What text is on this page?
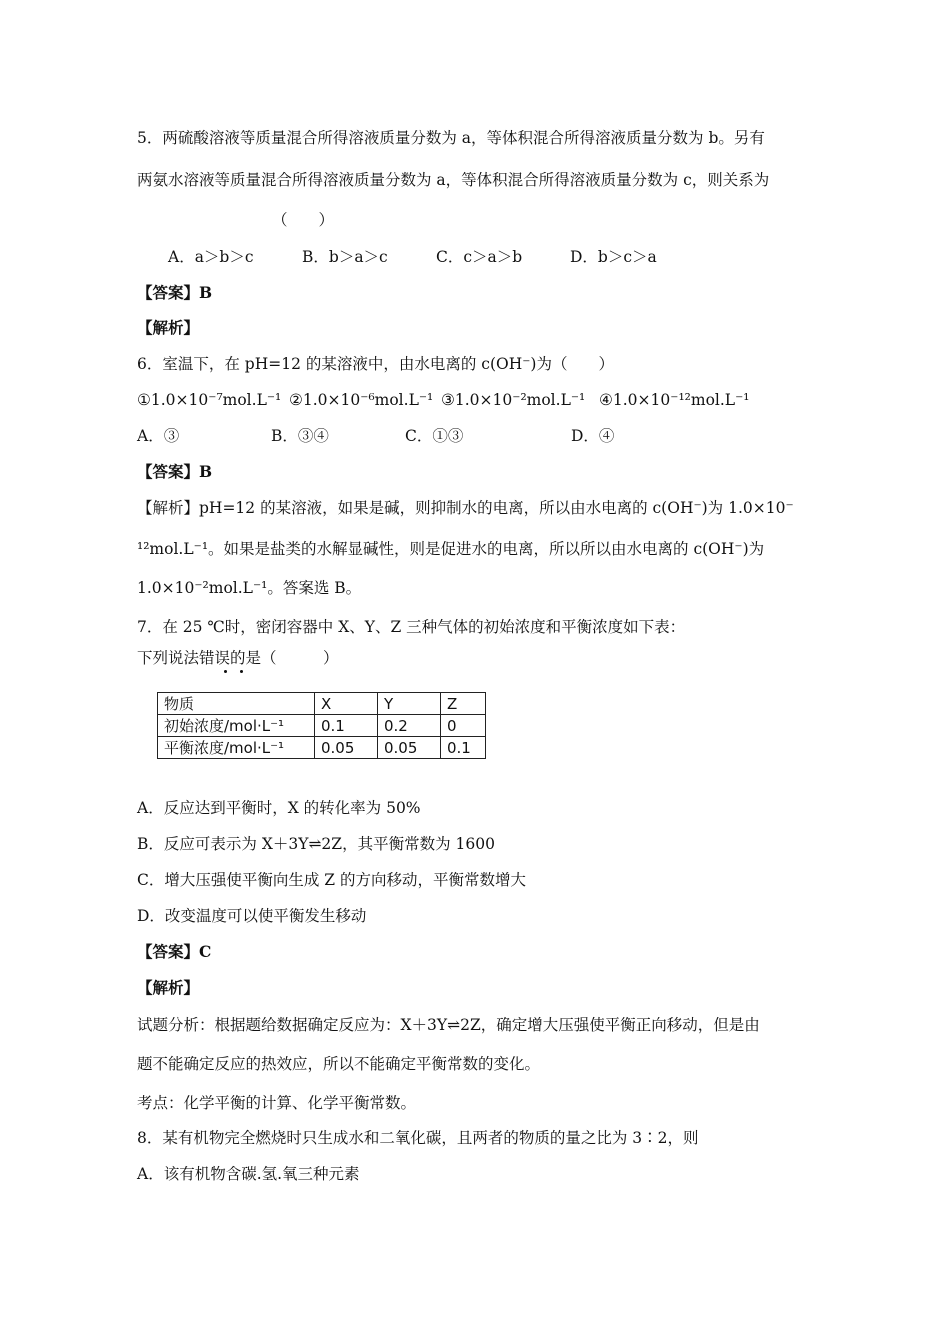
5．两硫酸溶液等质量混合所得溶液质量分数为 a，等体积混合所得溶液质量分数为 b。另有
两氨水溶液等质量混合所得溶液质量分数为 a，等体积混合所得溶液质量分数为 c，则关系为
（　　）
A．a＞b＞c	B．b＞a＞c	C．c＞a＞b	D．b＞c＞a
【答案】B
【解析】
6．室温下，在 pH=12 的某溶液中，由水电离的 c(OH⁻)为（　　）
①1.0×10⁻⁷mol.L⁻¹ ②1.0×10⁻⁶mol.L⁻¹ ③1.0×10⁻²mol.L⁻¹ ④1.0×10⁻¹²mol.L⁻¹
A．③	B．③④	C．①③	D．④
【答案】B
【解析】pH=12 的某溶液，如果是碱，则抑制水的电离，所以由水电离的 c(OH⁻)为 1.0×10⁻
¹²mol.L⁻¹。如果是盐类的水解显碱性，则是促进水的电离，所以所以由水电离的 c(OH⁻)为
1.0×10⁻²mol.L⁻¹。答案选 B。
7．在 25 ℃时，密闭容器中 X、Y、Z 三种气体的初始浓度和平衡浓度如下表：
下列说法错误的是（　　　）
物质	X	Y	Z
初始浓度/mol·L⁻¹	0.1	0.2	0
平衡浓度/mol·L⁻¹	0.05	0.05	0.1
A．反应达到平衡时，X 的转化率为 50%
B．反应可表示为 X＋3Y⇌2Z，其平衡常数为 1600
C．增大压强使平衡向生成 Z 的方向移动，平衡常数增大
D．改变温度可以使平衡发生移动
【答案】C
【解析】
试题分析：根据题给数据确定反应为：X＋3Y⇌2Z，确定增大压强使平衡正向移动，但是由
题不能确定反应的热效应，所以不能确定平衡常数的变化。
考点：化学平衡的计算、化学平衡常数。
8．某有机物完全燃烧时只生成水和二氧化碳，且两者的物质的量之比为 3∶2，则
A．该有机物含碳.氢.氧三种元素
